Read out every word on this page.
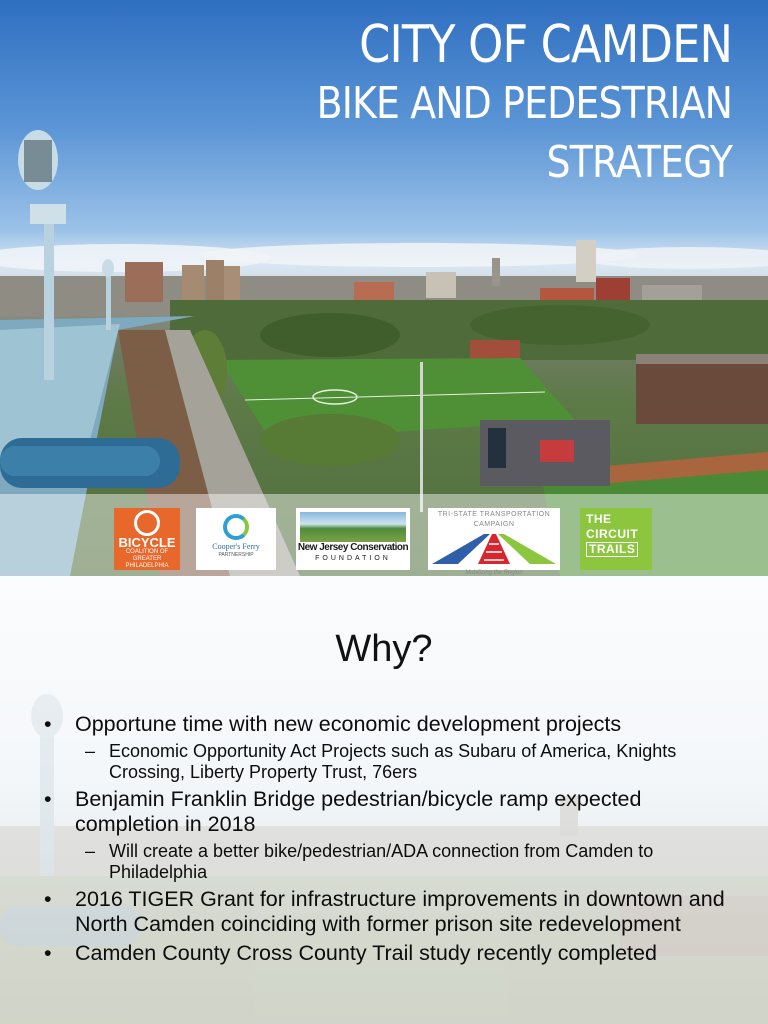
CITY OF CAMDEN
BIKE AND PEDESTRIAN
STRATEGY
BICYCLE
COALITION OF GREATER PHILADELPHIA
Cooper's Ferry
PARTNERSHIP
New Jersey Conservation
FOUNDATION
TRI-STATE TRANSPORTATION CAMPAIGN
Mobilizing the Region
THE
CIRCUIT
TRAILS
Why?
• Opportune time with new economic development projects
– Economic Opportunity Act Projects such as Subaru of America, Knights Crossing, Liberty Property Trust, 76ers
• Benjamin Franklin Bridge pedestrian/bicycle ramp expected completion in 2018
– Will create a better bike/pedestrian/ADA connection from Camden to Philadelphia
• 2016 TIGER Grant for infrastructure improvements in downtown and North Camden coinciding with former prison site redevelopment
• Camden County Cross County Trail study recently completed
